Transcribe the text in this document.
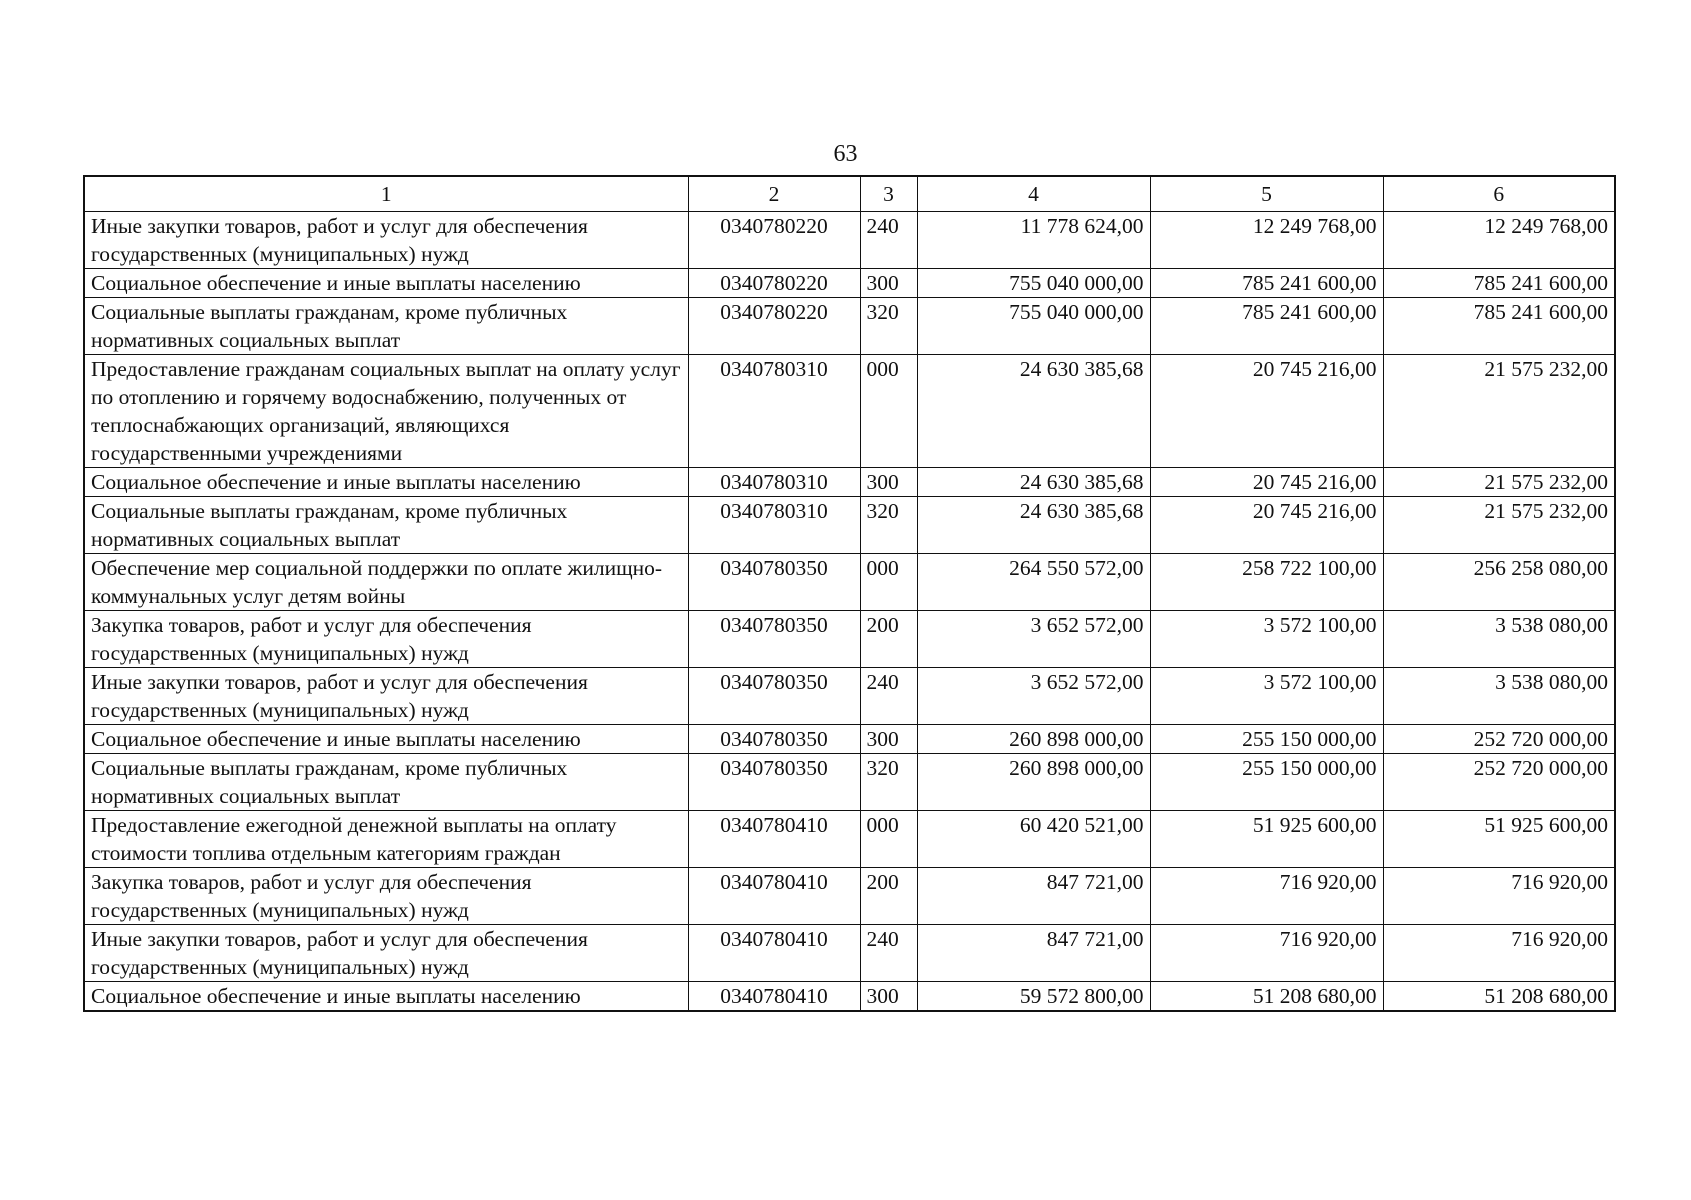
63
1	2	3	4	5	6
Иные закупки товаров, работ и услуг для обеспечения государственных (муниципальных) нужд	0340780220	240	11 778 624,00	12 249 768,00	12 249 768,00
Социальное обеспечение и иные выплаты населению	0340780220	300	755 040 000,00	785 241 600,00	785 241 600,00
Социальные выплаты гражданам, кроме публичных нормативных социальных выплат	0340780220	320	755 040 000,00	785 241 600,00	785 241 600,00
Предоставление гражданам социальных выплат на оплату услуг по отоплению и горячему водоснабжению, полученных от теплоснабжающих организаций, являющихся государственными учреждениями	0340780310	000	24 630 385,68	20 745 216,00	21 575 232,00
Социальное обеспечение и иные выплаты населению	0340780310	300	24 630 385,68	20 745 216,00	21 575 232,00
Социальные выплаты гражданам, кроме публичных нормативных социальных выплат	0340780310	320	24 630 385,68	20 745 216,00	21 575 232,00
Обеспечение мер социальной поддержки по оплате жилищно-коммунальных услуг детям войны	0340780350	000	264 550 572,00	258 722 100,00	256 258 080,00
Закупка товаров, работ и услуг для обеспечения государственных (муниципальных) нужд	0340780350	200	3 652 572,00	3 572 100,00	3 538 080,00
Иные закупки товаров, работ и услуг для обеспечения государственных (муниципальных) нужд	0340780350	240	3 652 572,00	3 572 100,00	3 538 080,00
Социальное обеспечение и иные выплаты населению	0340780350	300	260 898 000,00	255 150 000,00	252 720 000,00
Социальные выплаты гражданам, кроме публичных нормативных социальных выплат	0340780350	320	260 898 000,00	255 150 000,00	252 720 000,00
Предоставление ежегодной денежной выплаты на оплату стоимости топлива отдельным категориям граждан	0340780410	000	60 420 521,00	51 925 600,00	51 925 600,00
Закупка товаров, работ и услуг для обеспечения государственных (муниципальных) нужд	0340780410	200	847 721,00	716 920,00	716 920,00
Иные закупки товаров, работ и услуг для обеспечения государственных (муниципальных) нужд	0340780410	240	847 721,00	716 920,00	716 920,00
Социальное обеспечение и иные выплаты населению	0340780410	300	59 572 800,00	51 208 680,00	51 208 680,00
